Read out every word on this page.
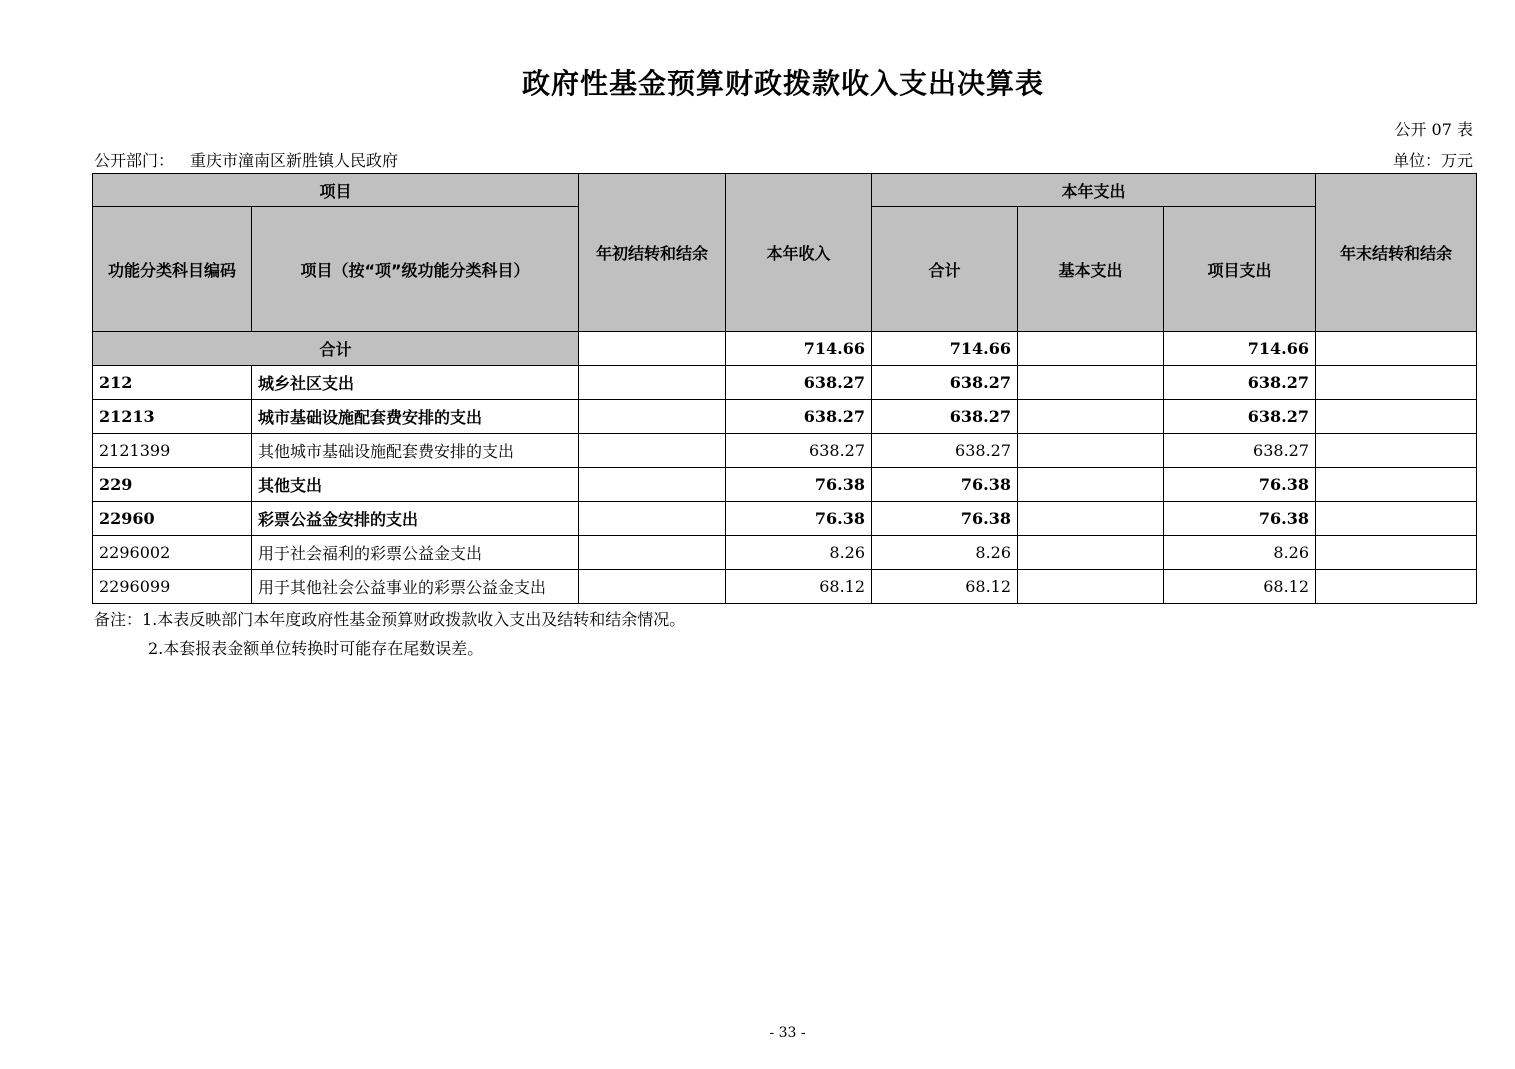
政府性基金预算财政拨款收入支出决算表
公开 07 表
公开部门： 重庆市潼南区新胜镇人民政府	单位：万元
项目		年初结转和结余	本年收入	本年支出			年末结转和结余
功能分类科目编码	项目（按“项”级功能分类科目）			合计	基本支出	项目支出	
合计			714.66	714.66		714.66	
212	城乡社区支出		638.27	638.27		638.27	
21213	城市基础设施配套费安排的支出		638.27	638.27		638.27	
2121399	其他城市基础设施配套费安排的支出		638.27	638.27		638.27	
229	其他支出		76.38	76.38		76.38	
22960	彩票公益金安排的支出		76.38	76.38		76.38	
2296002	用于社会福利的彩票公益金支出		8.26	8.26		8.26	
2296099	用于其他社会公益事业的彩票公益金支出		68.12	68.12		68.12	
备注：1.本表反映部门本年度政府性基金预算财政拨款收入支出及结转和结余情况。
2.本套报表金额单位转换时可能存在尾数误差。
- 33 -
